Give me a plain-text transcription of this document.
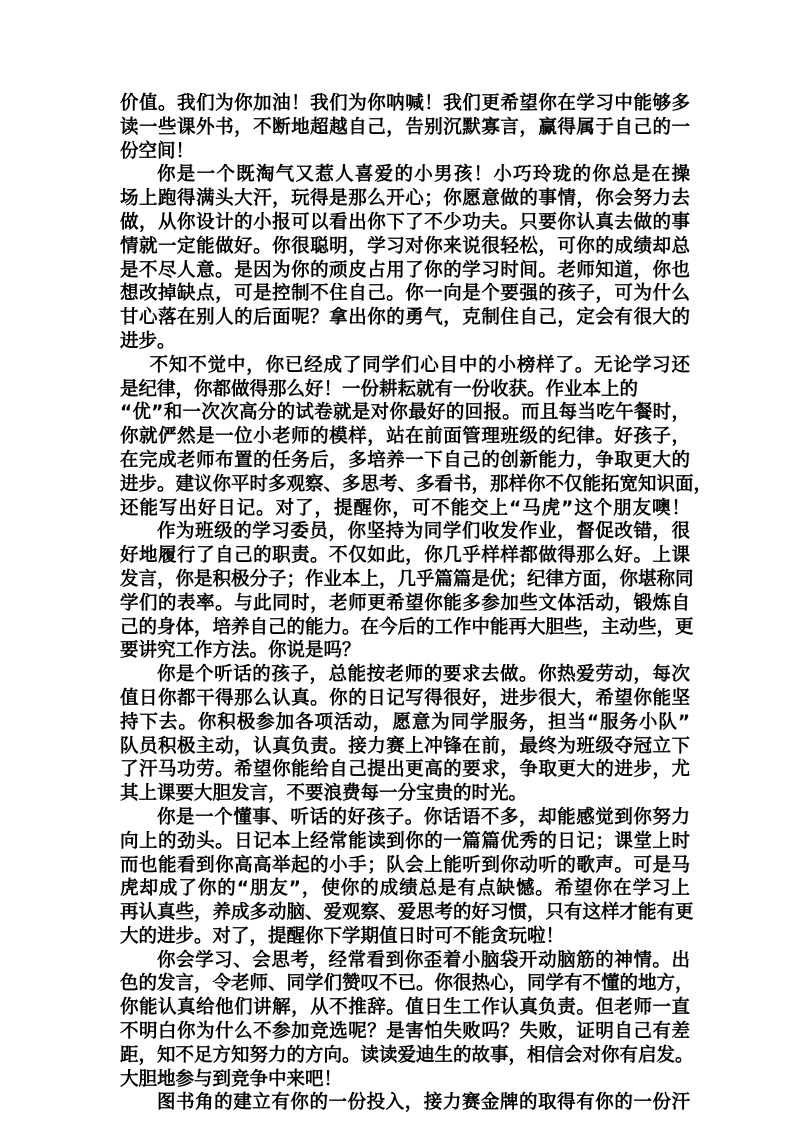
价值。我们为你加油！我们为你呐喊！我们更希望你在学习中能够多
读一些课外书，不断地超越自己，告别沉默寡言，赢得属于自己的一
份空间！
你是一个既淘气又惹人喜爱的小男孩！小巧玲珑的你总是在操
场上跑得满头大汗，玩得是那么开心；你愿意做的事情，你会努力去
做，从你设计的小报可以看出你下了不少功夫。只要你认真去做的事
情就一定能做好。你很聪明，学习对你来说很轻松，可你的成绩却总
是不尽人意。是因为你的顽皮占用了你的学习时间。老师知道，你也
想改掉缺点，可是控制不住自己。你一向是个要强的孩子，可为什么
甘心落在别人的后面呢？拿出你的勇气，克制住自己，定会有很大的
进步。
不知不觉中，你已经成了同学们心目中的小榜样了。无论学习还
是纪律，你都做得那么好！一份耕耘就有一份收获。作业本上的
“优”和一次次高分的试卷就是对你最好的回报。而且每当吃午餐时，
你就俨然是一位小老师的模样，站在前面管理班级的纪律。好孩子，
在完成老师布置的任务后，多培养一下自己的创新能力，争取更大的
进步。建议你平时多观察、多思考、多看书，那样你不仅能拓宽知识面，
还能写出好日记。对了，提醒你，可不能交上“马虎”这个朋友噢！
作为班级的学习委员，你坚持为同学们收发作业，督促改错，很
好地履行了自己的职责。不仅如此，你几乎样样都做得那么好。上课
发言，你是积极分子；作业本上，几乎篇篇是优；纪律方面，你堪称同
学们的表率。与此同时，老师更希望你能多参加些文体活动，锻炼自
己的身体，培养自己的能力。在今后的工作中能再大胆些，主动些，更
要讲究工作方法。你说是吗？
你是个听话的孩子，总能按老师的要求去做。你热爱劳动，每次
值日你都干得那么认真。你的日记写得很好，进步很大，希望你能坚
持下去。你积极参加各项活动，愿意为同学服务，担当“服务小队”
队员积极主动，认真负责。接力赛上冲锋在前，最终为班级夺冠立下
了汗马功劳。希望你能给自己提出更高的要求，争取更大的进步，尤
其上课要大胆发言，不要浪费每一分宝贵的时光。
你是一个懂事、听话的好孩子。你话语不多，却能感觉到你努力
向上的劲头。日记本上经常能读到你的一篇篇优秀的日记；课堂上时
而也能看到你高高举起的小手；队会上能听到你动听的歌声。可是马
虎却成了你的“朋友”，使你的成绩总是有点缺憾。希望你在学习上
再认真些，养成多动脑、爱观察、爱思考的好习惯，只有这样才能有更
大的进步。对了，提醒你下学期值日时可不能贪玩啦！
你会学习、会思考，经常看到你歪着小脑袋开动脑筋的神情。出
色的发言，令老师、同学们赞叹不已。你很热心，同学有不懂的地方，
你能认真给他们讲解，从不推辞。值日生工作认真负责。但老师一直
不明白你为什么不参加竞选呢？是害怕失败吗？失败，证明自己有差
距，知不足方知努力的方向。读读爱迪生的故事，相信会对你有启发。
大胆地参与到竞争中来吧！
图书角的建立有你的一份投入，接力赛金牌的取得有你的一份汗
